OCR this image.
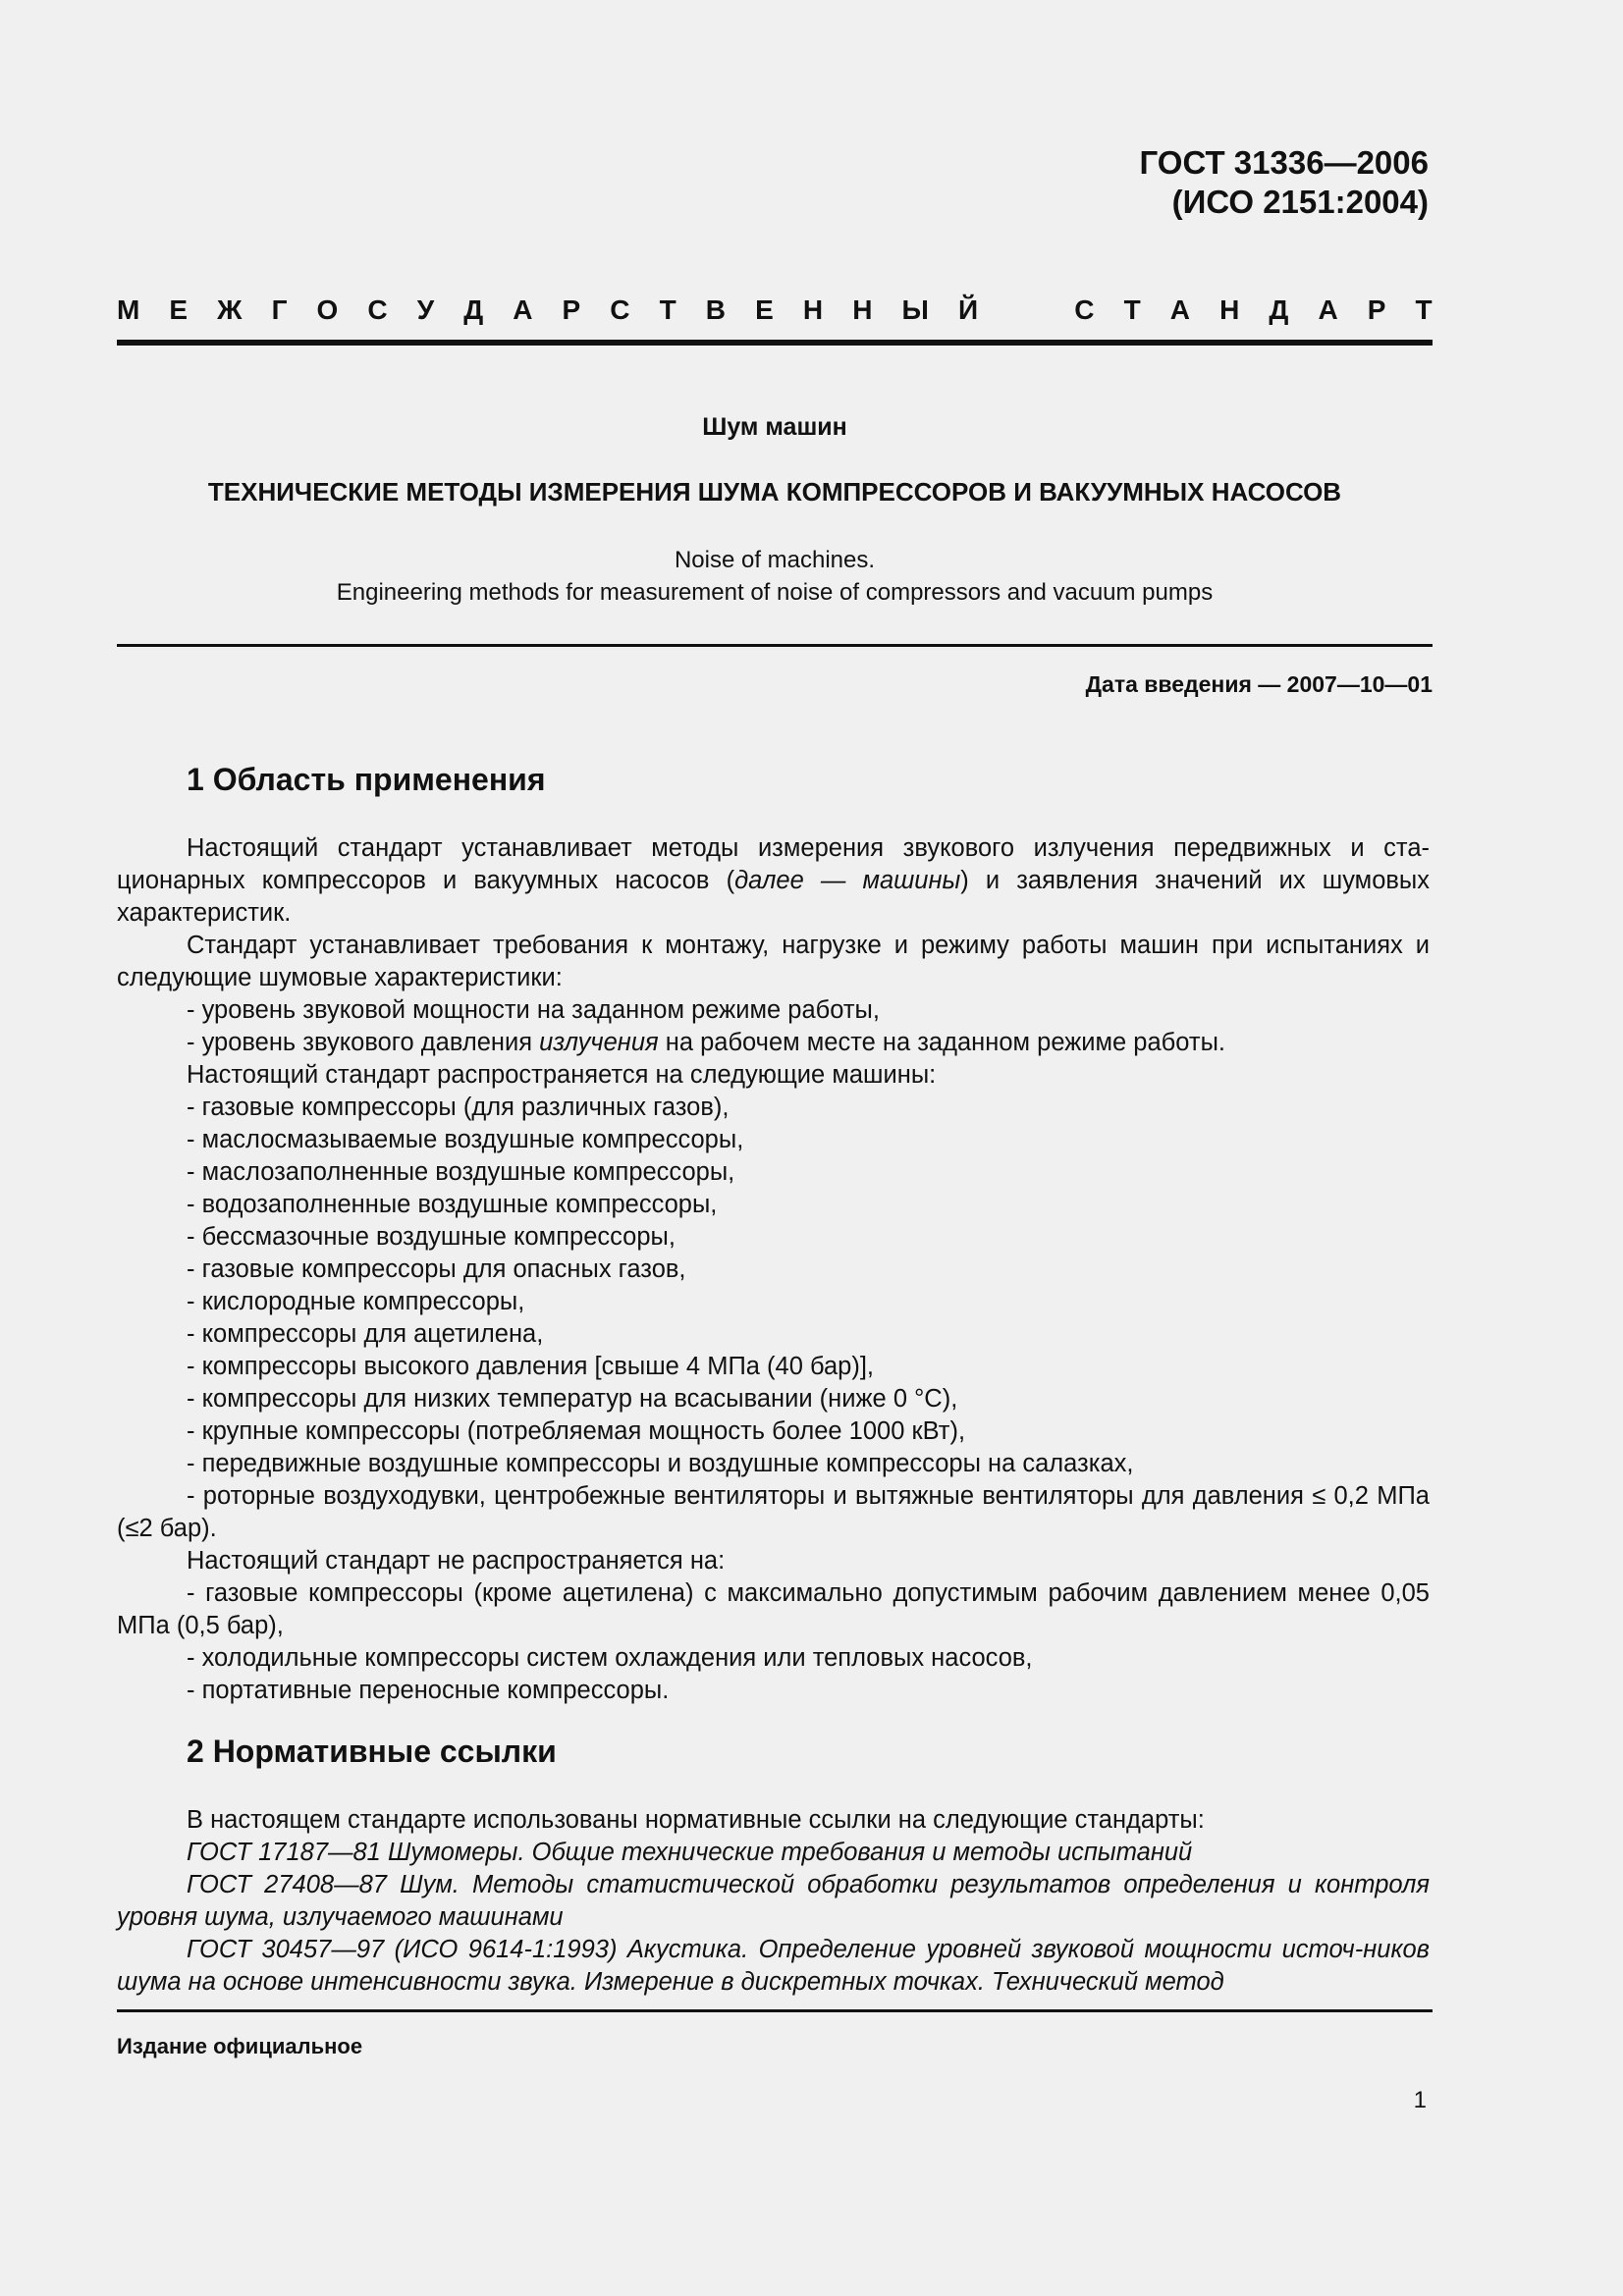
ГОСТ 31336—2006
(ИСО 2151:2004)
М Е Ж Г О С У Д А Р С Т В Е Н Н Ы Й	С Т А Н Д А Р Т
Шум машин
ТЕХНИЧЕСКИЕ МЕТОДЫ ИЗМЕРЕНИЯ ШУМА КОМПРЕССОРОВ И ВАКУУМНЫХ НАСОСОВ
Noise of machines.
Engineering methods for measurement of noise of compressors and vacuum pumps
Дата введения — 2007—10—01
1 Область применения

Настоящий стандарт устанавливает методы измерения звукового излучения передвижных и ста-ционарных компрессоров и вакуумных насосов (далее — машины) и заявления значений их шумовых характеристик.

Стандарт устанавливает требования к монтажу, нагрузке и режиму работы машин при испытаниях и следующие шумовые характеристики:

- уровень звуковой мощности на заданном режиме работы,

- уровень звукового давления излучения на рабочем месте на заданном режиме работы.

Настоящий стандарт распространяется на следующие машины:

- газовые компрессоры (для различных газов),

- маслосмазываемые воздушные компрессоры,

- маслозаполненные воздушные компрессоры,

- водозаполненные воздушные компрессоры,

- бессмазочные воздушные компрессоры,

- газовые компрессоры для опасных газов,

- кислородные компрессоры,

- компрессоры для ацетилена,

- компрессоры высокого давления [свыше 4 МПа (40 бар)],

- компрессоры для низких температур на всасывании (ниже 0 °С),

- крупные компрессоры (потребляемая мощность более 1000 кВт),

- передвижные воздушные компрессоры и воздушные компрессоры на салазках,

- роторные воздуходувки, центробежные вентиляторы и вытяжные вентиляторы для давления ≤ 0,2 МПа (≤2 бар).

Настоящий стандарт не распространяется на:

- газовые компрессоры (кроме ацетилена) с максимально допустимым рабочим давлением менее 0,05 МПа (0,5 бар),

- холодильные компрессоры систем охлаждения или тепловых насосов,

- портативные переносные компрессоры.

2 Нормативные ссылки

В настоящем стандарте использованы нормативные ссылки на следующие стандарты:

ГОСТ 17187—81 Шумомеры. Общие технические требования и методы испытаний

ГОСТ 27408—87 Шум. Методы статистической обработки результатов определения и контроля уровня шума, излучаемого машинами

ГОСТ 30457—97 (ИСО 9614-1:1993) Акустика. Определение уровней звуковой мощности источ-ников шума на основе интенсивности звука. Измерение в дискретных точках. Технический метод

Издание официальное
1
